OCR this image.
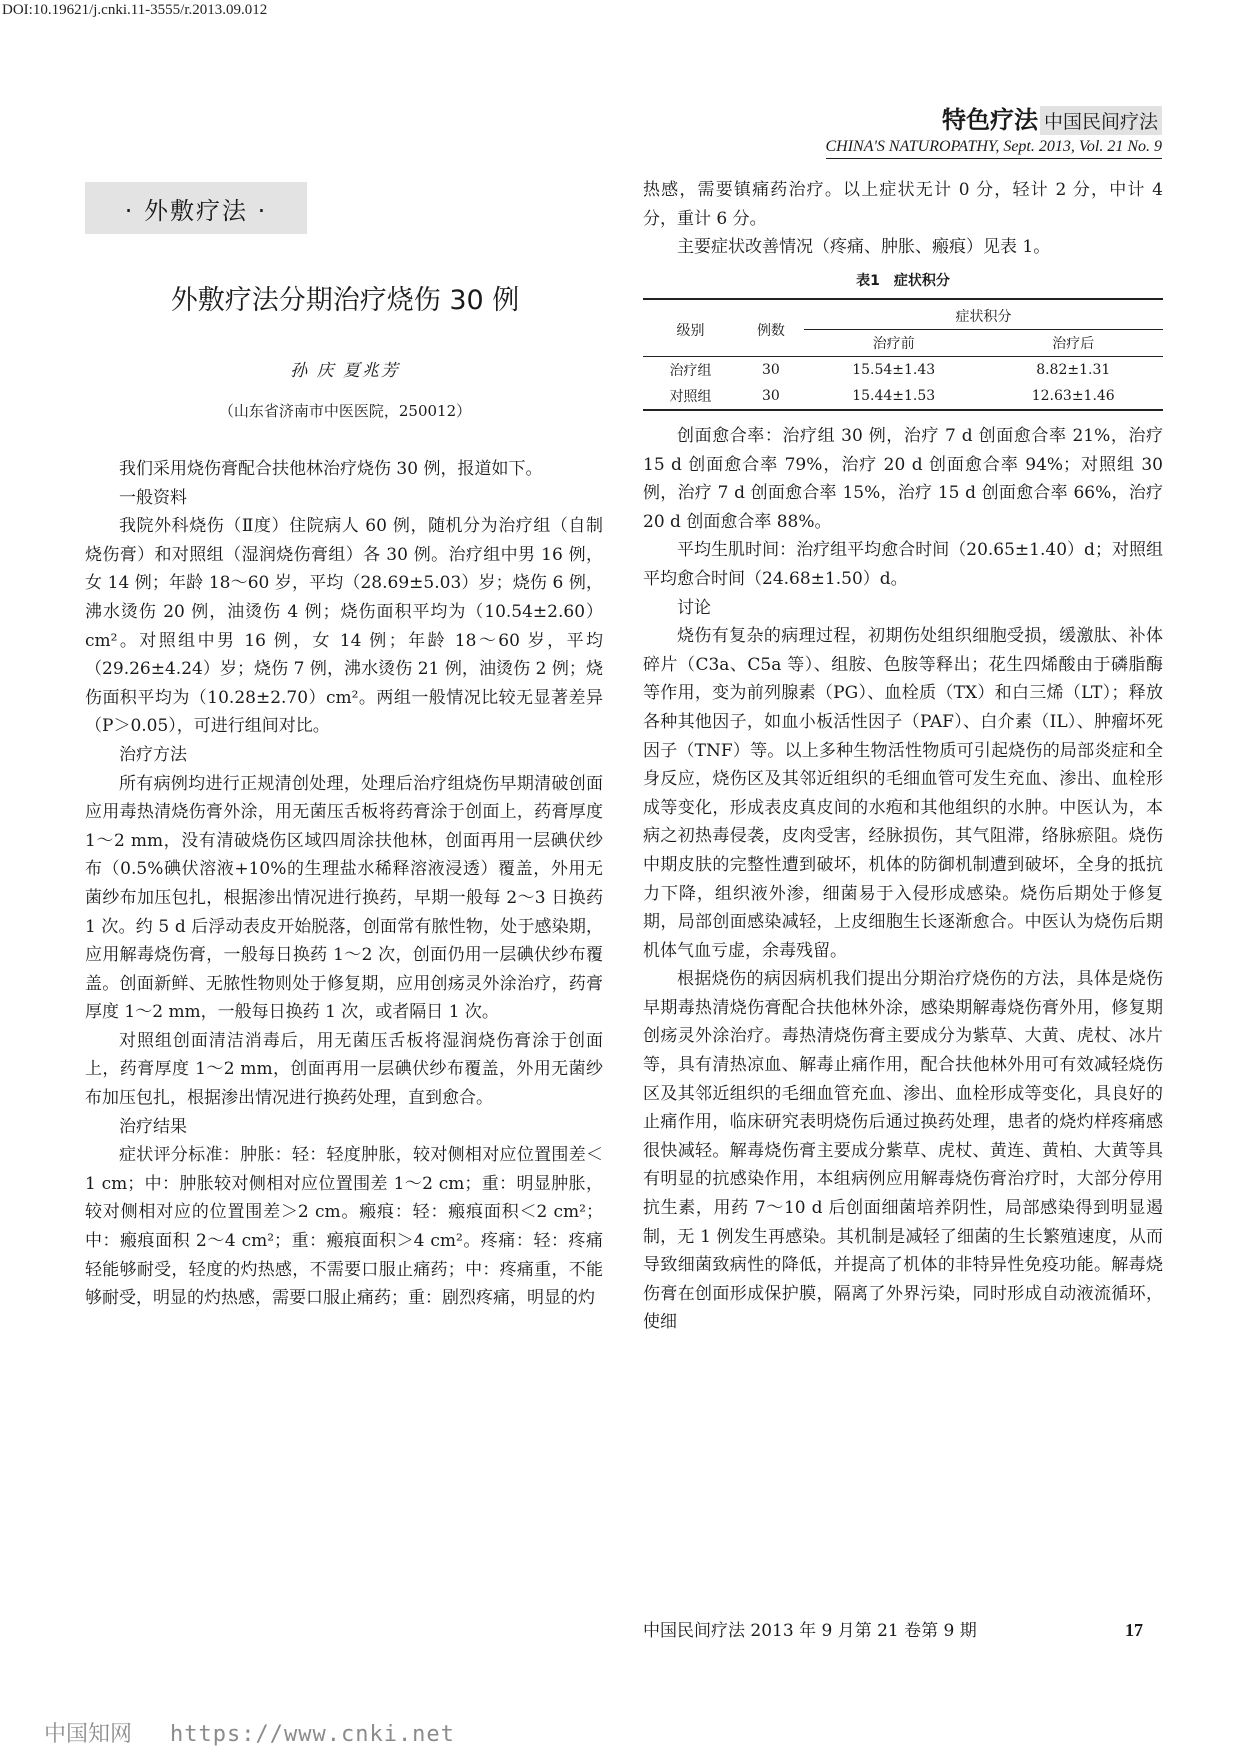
DOI:10.19621/j.cnki.11-3555/r.2013.09.012
特色疗法 中国民间疗法
CHINA'S NATUROPATHY, Sept. 2013, Vol. 21 No. 9
· 外敷疗法 ·
外敷疗法分期治疗烧伤 30 例
孙 庆 夏兆芳
（山东省济南市中医医院，250012）

我们采用烧伤膏配合扶他林治疗烧伤 30 例，报道如下。

一般资料

我院外科烧伤（Ⅱ度）住院病人 60 例，随机分为治疗组（自制烧伤膏）和对照组（湿润烧伤膏组）各 30 例。治疗组中男 16 例，女 14 例；年龄 18～60 岁，平均（28.69±5.03）岁；烧伤 6 例，沸水烫伤 20 例，油烫伤 4 例；烧伤面积平均为（10.54±2.60）cm²。对照组中男 16 例，女 14 例；年龄 18～60 岁，平均（29.26±4.24）岁；烧伤 7 例，沸水烫伤 21 例，油烫伤 2 例；烧伤面积平均为（10.28±2.70）cm²。两组一般情况比较无显著差异（P＞0.05），可进行组间对比。

治疗方法

所有病例均进行正规清创处理，处理后治疗组烧伤早期清破创面应用毒热清烧伤膏外涂，用无菌压舌板将药膏涂于创面上，药膏厚度 1～2 mm，没有清破烧伤区域四周涂扶他林，创面再用一层碘伏纱布（0.5%碘伏溶液+10%的生理盐水稀释溶液浸透）覆盖，外用无菌纱布加压包扎，根据渗出情况进行换药，早期一般每 2～3 日换药 1 次。约 5 d 后浮动表皮开始脱落，创面常有脓性物，处于感染期，应用解毒烧伤膏，一般每日换药 1～2 次，创面仍用一层碘伏纱布覆盖。创面新鲜、无脓性物则处于修复期，应用创疡灵外涂治疗，药膏厚度 1～2 mm，一般每日换药 1 次，或者隔日 1 次。

对照组创面清洁消毒后，用无菌压舌板将湿润烧伤膏涂于创面上，药膏厚度 1～2 mm，创面再用一层碘伏纱布覆盖，外用无菌纱布加压包扎，根据渗出情况进行换药处理，直到愈合。

治疗结果

症状评分标准：肿胀：轻：轻度肿胀，较对侧相对应位置围差＜1 cm；中：肿胀较对侧相对应位置围差 1～2 cm；重：明显肿胀，较对侧相对应的位置围差＞2 cm。瘢痕：轻：瘢痕面积＜2 cm²；中：瘢痕面积 2～4 cm²；重：瘢痕面积＞4 cm²。疼痛：轻：疼痛轻能够耐受，轻度的灼热感，不需要口服止痛药；中：疼痛重，不能够耐受，明显的灼热感，需要口服止痛药；重：剧烈疼痛，明显的灼

热感，需要镇痛药治疗。以上症状无计 0 分，轻计 2 分，中计 4 分，重计 6 分。

主要症状改善情况（疼痛、肿胀、瘢痕）见表 1。

表1　症状积分
级别	例数	症状积分	
		治疗前	治疗后
治疗组	30	15.54±1.43	8.82±1.31
对照组	30	15.44±1.53	12.63±1.46

创面愈合率：治疗组 30 例，治疗 7 d 创面愈合率 21%，治疗15 d 创面愈合率 79%，治疗 20 d 创面愈合率 94%；对照组 30 例，治疗 7 d 创面愈合率 15%，治疗 15 d 创面愈合率 66%，治疗 20 d 创面愈合率 88%。

平均生肌时间：治疗组平均愈合时间（20.65±1.40）d；对照组平均愈合时间（24.68±1.50）d。

讨论

烧伤有复杂的病理过程，初期伤处组织细胞受损，缓激肽、补体碎片（C3a、C5a 等）、组胺、色胺等释出；花生四烯酸由于磷脂酶等作用，变为前列腺素（PG）、血栓质（TX）和白三烯（LT）；释放各种其他因子，如血小板活性因子（PAF）、白介素（IL）、肿瘤坏死因子（TNF）等。以上多种生物活性物质可引起烧伤的局部炎症和全身反应，烧伤区及其邻近组织的毛细血管可发生充血、渗出、血栓形成等变化，形成表皮真皮间的水疱和其他组织的水肿。中医认为，本病之初热毒侵袭，皮肉受害，经脉损伤，其气阻滞，络脉瘀阻。烧伤中期皮肤的完整性遭到破坏，机体的防御机制遭到破坏，全身的抵抗力下降，组织液外渗，细菌易于入侵形成感染。烧伤后期处于修复期，局部创面感染减轻，上皮细胞生长逐渐愈合。中医认为烧伤后期机体气血亏虚，余毒残留。

根据烧伤的病因病机我们提出分期治疗烧伤的方法，具体是烧伤早期毒热清烧伤膏配合扶他林外涂，感染期解毒烧伤膏外用，修复期创疡灵外涂治疗。毒热清烧伤膏主要成分为紫草、大黄、虎杖、冰片等，具有清热凉血、解毒止痛作用，配合扶他林外用可有效减轻烧伤区及其邻近组织的毛细血管充血、渗出、血栓形成等变化，具良好的止痛作用，临床研究表明烧伤后通过换药处理，患者的烧灼样疼痛感很快减轻。解毒烧伤膏主要成分紫草、虎杖、黄连、黄柏、大黄等具有明显的抗感染作用，本组病例应用解毒烧伤膏治疗时，大部分停用抗生素，用药 7～10 d 后创面细菌培养阴性，局部感染得到明显遏制，无 1 例发生再感染。其机制是减轻了细菌的生长繁殖速度，从而导致细菌致病性的降低，并提高了机体的非特异性免疫功能。解毒烧伤膏在创面形成保护膜，隔离了外界污染，同时形成自动液流循环，使细

中国民间疗法 2013 年 9 月第 21 卷第 9 期	17
中国知网 https://www.cnki.net
